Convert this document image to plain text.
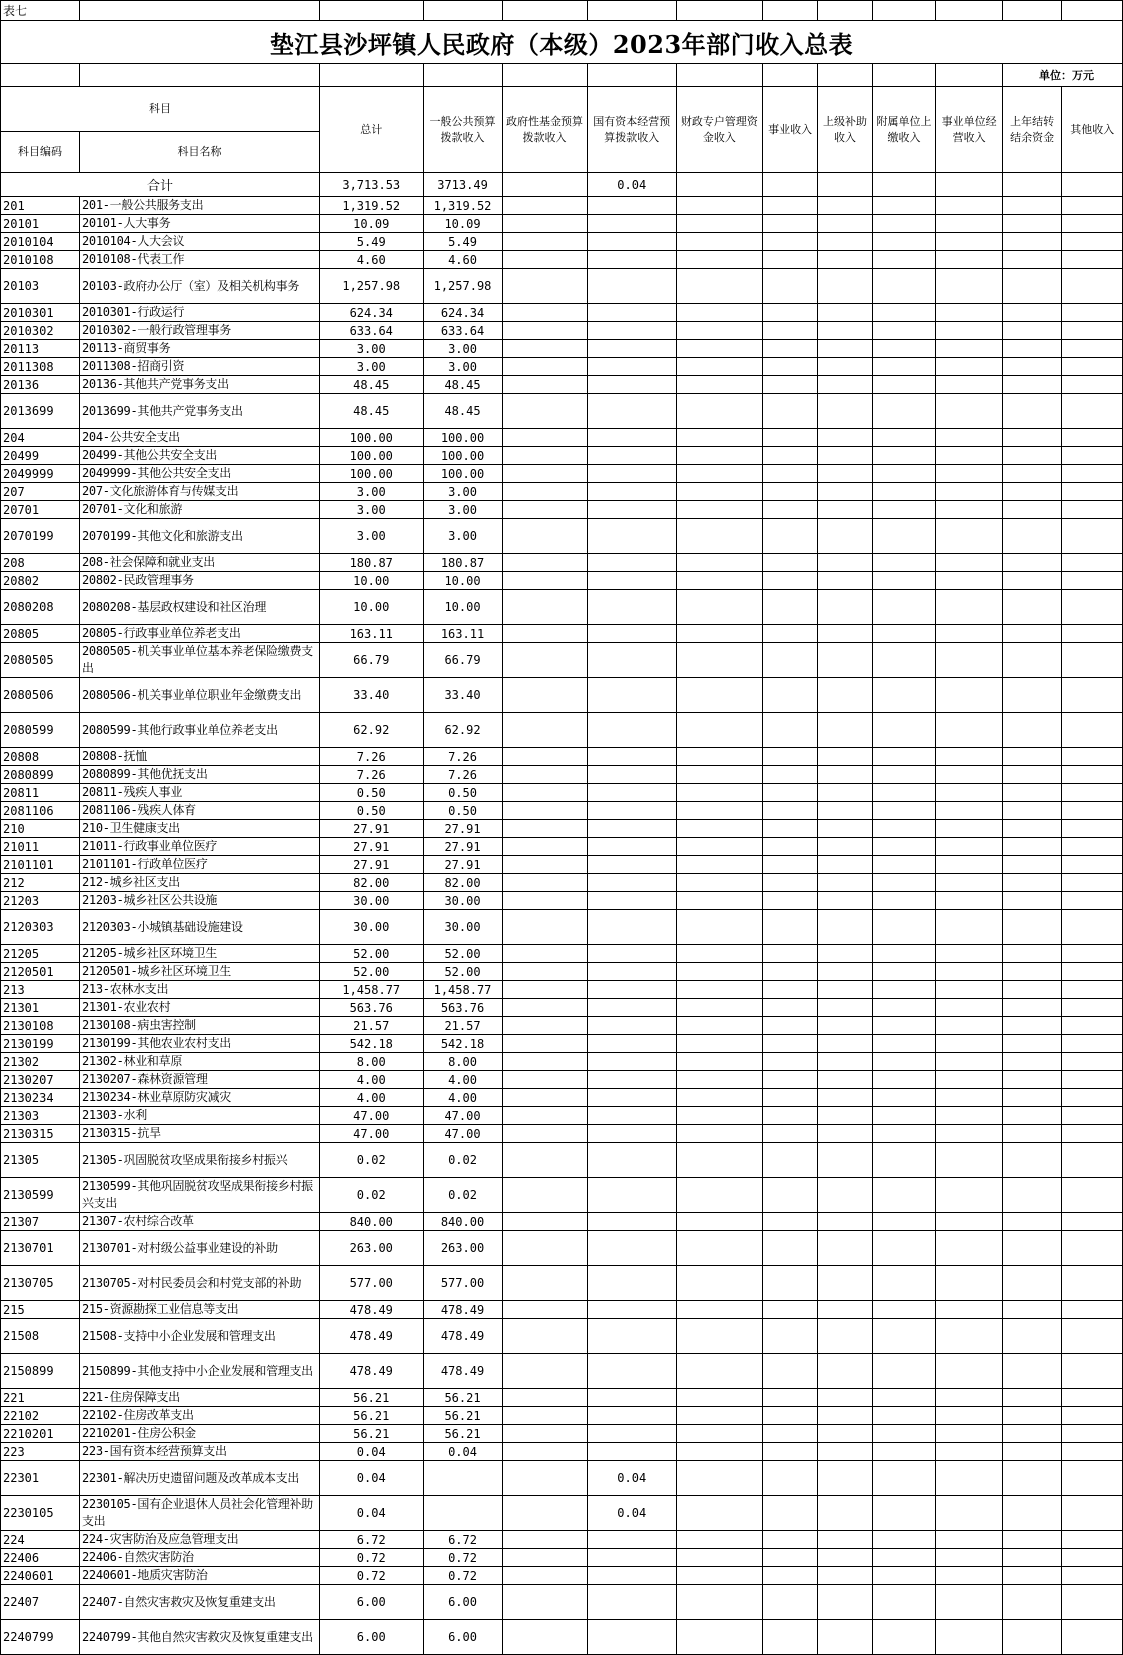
表七												
垫江县沙坪镇人民政府（本级）2023年部门收入总表												
											单位：万元	
科目		总计	一般公共预算拨款收入	政府性基金预算拨款收入	国有资本经营预算拨款收入	财政专户管理资金收入	事业收入	上级补助收入	附属单位上缴收入	事业单位经营收入	上年结转结余资金	其他收入
科目编码	科目名称											
合计		3,713.53	3713.49		0.04							
201	201-一般公共服务支出	1,319.52	1,319.52									
20101	20101-人大事务	10.09	10.09									
2010104	2010104-人大会议	5.49	5.49									
2010108	2010108-代表工作	4.60	4.60									
20103	20103-政府办公厅（室）及相关机构事务	1,257.98	1,257.98									
2010301	2010301-行政运行	624.34	624.34									
2010302	2010302-一般行政管理事务	633.64	633.64									
20113	20113-商贸事务	3.00	3.00									
2011308	2011308-招商引资	3.00	3.00									
20136	20136-其他共产党事务支出	48.45	48.45									
2013699	2013699-其他共产党事务支出	48.45	48.45									
204	204-公共安全支出	100.00	100.00									
20499	20499-其他公共安全支出	100.00	100.00									
2049999	2049999-其他公共安全支出	100.00	100.00									
207	207-文化旅游体育与传媒支出	3.00	3.00									
20701	20701-文化和旅游	3.00	3.00									
2070199	2070199-其他文化和旅游支出	3.00	3.00									
208	208-社会保障和就业支出	180.87	180.87									
20802	20802-民政管理事务	10.00	10.00									
2080208	2080208-基层政权建设和社区治理	10.00	10.00									
20805	20805-行政事业单位养老支出	163.11	163.11									
2080505	2080505-机关事业单位基本养老保险缴费支出	66.79	66.79									
2080506	2080506-机关事业单位职业年金缴费支出	33.40	33.40									
2080599	2080599-其他行政事业单位养老支出	62.92	62.92									
20808	20808-抚恤	7.26	7.26									
2080899	2080899-其他优抚支出	7.26	7.26									
20811	20811-残疾人事业	0.50	0.50									
2081106	2081106-残疾人体育	0.50	0.50									
210	210-卫生健康支出	27.91	27.91									
21011	21011-行政事业单位医疗	27.91	27.91									
2101101	2101101-行政单位医疗	27.91	27.91									
212	212-城乡社区支出	82.00	82.00									
21203	21203-城乡社区公共设施	30.00	30.00									
2120303	2120303-小城镇基础设施建设	30.00	30.00									
21205	21205-城乡社区环境卫生	52.00	52.00									
2120501	2120501-城乡社区环境卫生	52.00	52.00									
213	213-农林水支出	1,458.77	1,458.77									
21301	21301-农业农村	563.76	563.76									
2130108	2130108-病虫害控制	21.57	21.57									
2130199	2130199-其他农业农村支出	542.18	542.18									
21302	21302-林业和草原	8.00	8.00									
2130207	2130207-森林资源管理	4.00	4.00									
2130234	2130234-林业草原防灾减灾	4.00	4.00									
21303	21303-水利	47.00	47.00									
2130315	2130315-抗旱	47.00	47.00									
21305	21305-巩固脱贫攻坚成果衔接乡村振兴	0.02	0.02									
2130599	2130599-其他巩固脱贫攻坚成果衔接乡村振兴支出	0.02	0.02									
21307	21307-农村综合改革	840.00	840.00									
2130701	2130701-对村级公益事业建设的补助	263.00	263.00									
2130705	2130705-对村民委员会和村党支部的补助	577.00	577.00									
215	215-资源勘探工业信息等支出	478.49	478.49									
21508	21508-支持中小企业发展和管理支出	478.49	478.49									
2150899	2150899-其他支持中小企业发展和管理支出	478.49	478.49									
221	221-住房保障支出	56.21	56.21									
22102	22102-住房改革支出	56.21	56.21									
2210201	2210201-住房公积金	56.21	56.21									
223	223-国有资本经营预算支出	0.04	0.04									
22301	22301-解决历史遗留问题及改革成本支出	0.04			0.04							
2230105	2230105-国有企业退休人员社会化管理补助支出	0.04			0.04							
224	224-灾害防治及应急管理支出	6.72	6.72									
22406	22406-自然灾害防治	0.72	0.72									
2240601	2240601-地质灾害防治	0.72	0.72									
22407	22407-自然灾害救灾及恢复重建支出	6.00	6.00									
2240799	2240799-其他自然灾害救灾及恢复重建支出	6.00	6.00									
